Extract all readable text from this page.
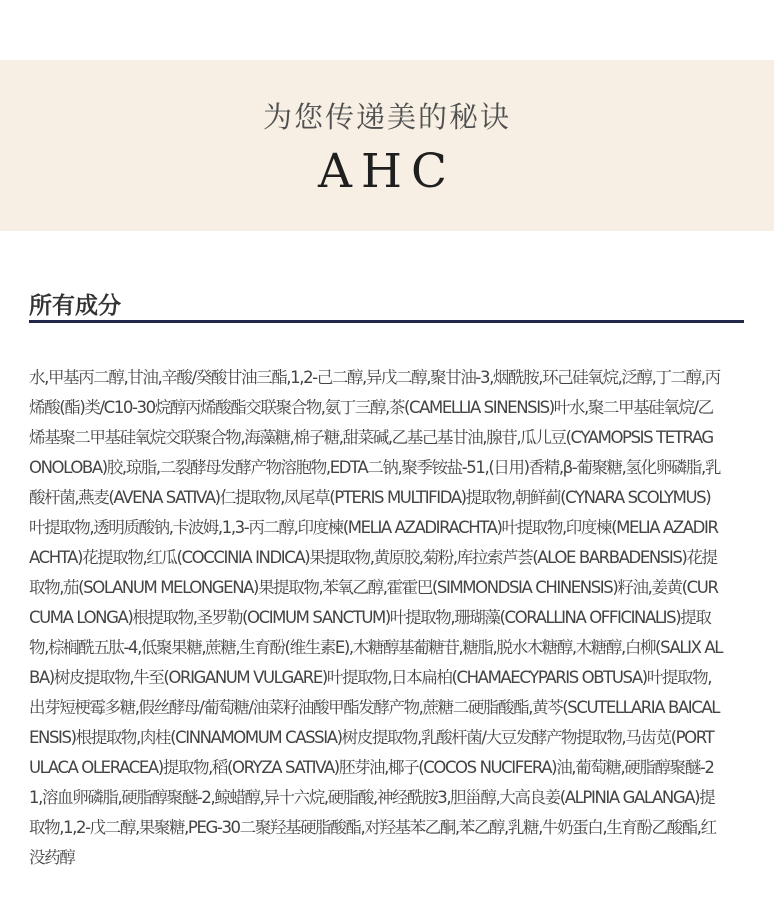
为您传递美的秘诀
AHC
所有成分

水,甲基丙二醇,甘油,辛酸/癸酸甘油三酯,1,2-己二醇,异戊二醇,聚甘油-3,烟酰胺,环己硅氧烷,泛醇,丁二醇,丙烯酸(酯)类/C10-30烷醇丙烯酸酯交联聚合物,氨丁三醇,茶(CAMELLIA SINENSIS)叶水,聚二甲基硅氧烷/乙烯基聚二甲基硅氧烷交联聚合物,海藻糖,棉子糖,甜菜碱,乙基己基甘油,腺苷,瓜儿豆(CYAMOPSIS TETRAGONOLOBA)胶,琼脂,二裂酵母发酵产物溶胞物,EDTA二钠,聚季铵盐-51,(日用)香精,β-葡聚糖,氢化卵磷脂,乳酸杆菌,燕麦(AVENA SATIVA)仁提取物,凤尾草(PTERIS MULTIFIDA)提取物,朝鲜蓟(CYNARA SCOLYMUS)叶提取物,透明质酸钠,卡波姆,1,3-丙二醇,印度楝(MELIA AZADIRACHTA)叶提取物,印度楝(MELIA AZADIRACHTA)花提取物,红瓜(COCCINIA INDICA)果提取物,黄原胶,菊粉,库拉索芦荟(ALOE BARBADENSIS)花提取物,茄(SOLANUM MELONGENA)果提取物,苯氧乙醇,霍霍巴(SIMMONDSIA CHINENSIS)籽油,姜黄(CURCUMA LONGA)根提取物,圣罗勒(OCIMUM SANCTUM)叶提取物,珊瑚藻(CORALLINA OFFICINALIS)提取物,棕榈酰五肽-4,低聚果糖,蔗糖,生育酚(维生素E),木糖醇基葡糖苷,糖脂,脱水木糖醇,木糖醇,白柳(SALIX ALBA)树皮提取物,牛至(ORIGANUM VULGARE)叶提取物,日本扁柏(CHAMAECYPARIS OBTUSA)叶提取物,出芽短梗霉多糖,假丝酵母/葡萄糖/油菜籽油酸甲酯发酵产物,蔗糖二硬脂酸酯,黄芩(SCUTELLARIA BAICALENSIS)根提取物,肉桂(CINNAMOMUM CASSIA)树皮提取物,乳酸杆菌/大豆发酵产物提取物,马齿苋(PORTULACA OLERACEA)提取物,稻(ORYZA SATIVA)胚芽油,椰子(COCOS NUCIFERA)油,葡萄糖,硬脂醇聚醚-21,溶血卵磷脂,硬脂醇聚醚-2,鲸蜡醇,异十六烷,硬脂酸,神经酰胺3,胆甾醇,大高良姜(ALPINIA GALANGA)提取物,1,2-戊二醇,果聚糖,PEG-30二聚羟基硬脂酸酯,对羟基苯乙酮,苯乙醇,乳糖,牛奶蛋白,生育酚乙酸酯,红没药醇
